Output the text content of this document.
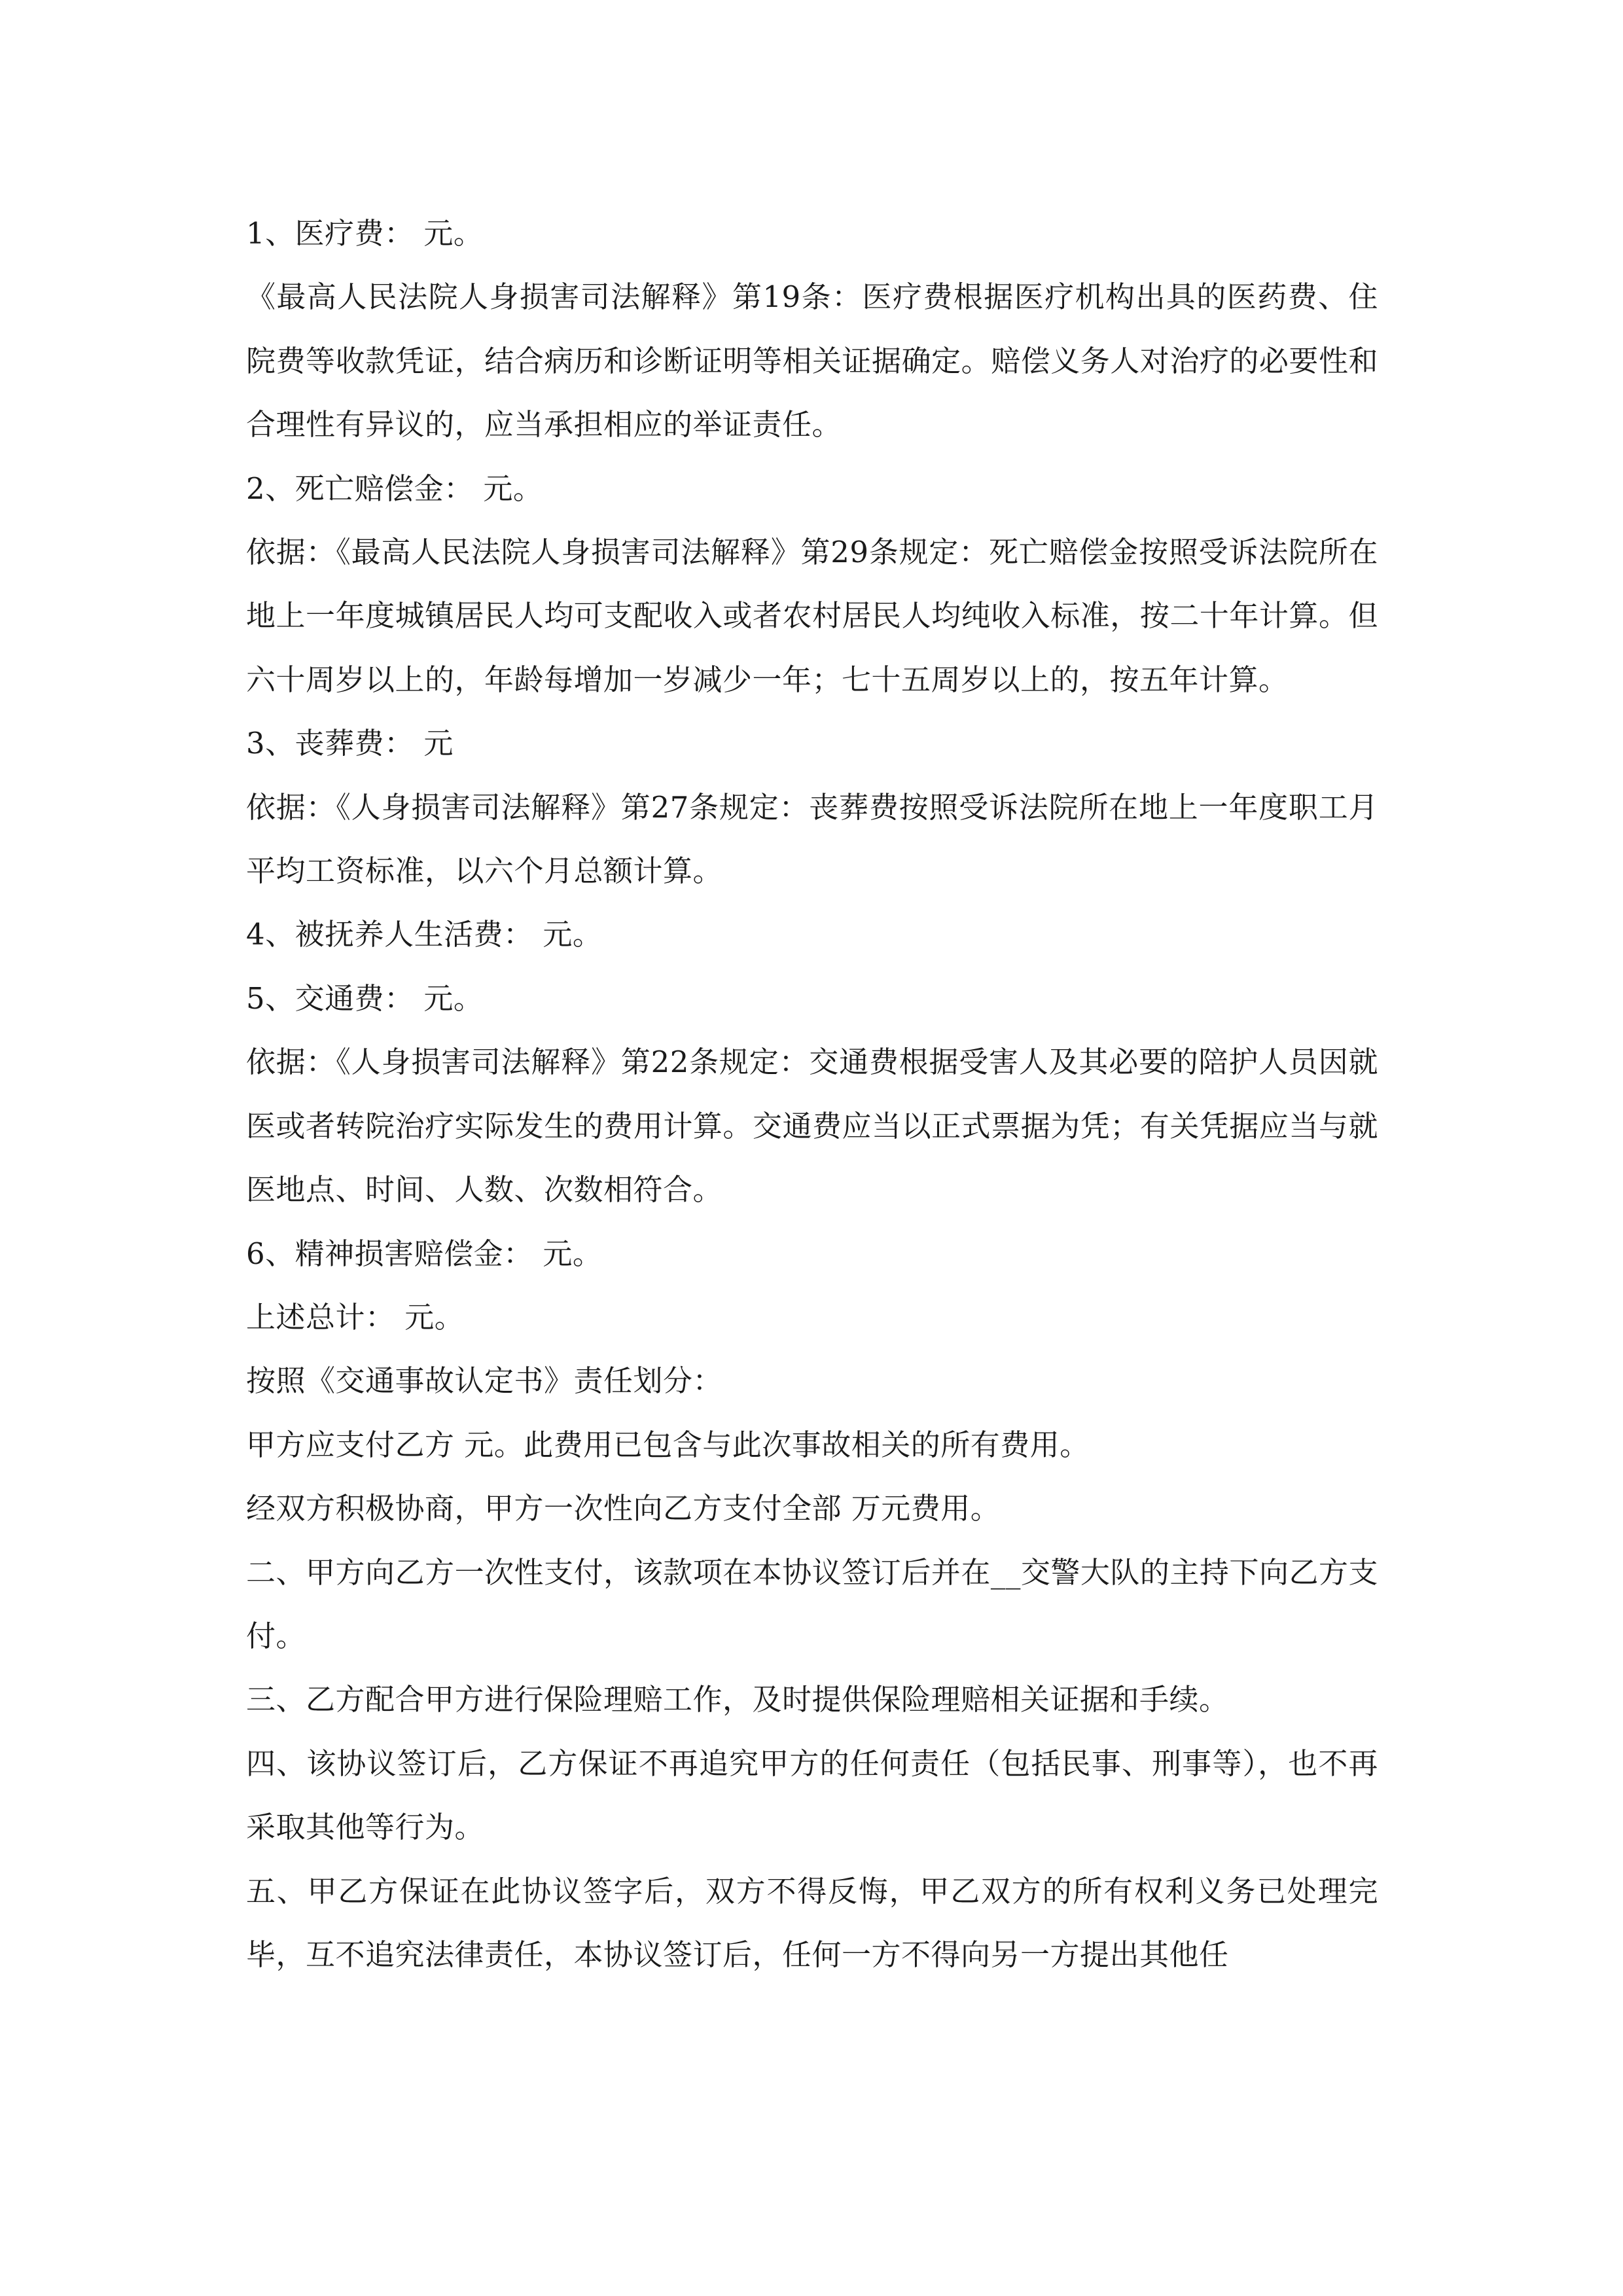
1、医疗费： 元。

《最高人民法院人身损害司法解释》第19条：医疗费根据医疗机构出具的医药费、住院费等收款凭证，结合病历和诊断证明等相关证据确定。赔偿义务人对治疗的必要性和合理性有异议的，应当承担相应的举证责任。

2、死亡赔偿金： 元。

依据：《最高人民法院人身损害司法解释》第29条规定：死亡赔偿金按照受诉法院所在地上一年度城镇居民人均可支配收入或者农村居民人均纯收入标准，按二十年计算。但六十周岁以上的，年龄每增加一岁减少一年；七十五周岁以上的，按五年计算。

3、丧葬费： 元

依据：《人身损害司法解释》第27条规定：丧葬费按照受诉法院所在地上一年度职工月平均工资标准，以六个月总额计算。

4、被抚养人生活费： 元。

5、交通费： 元。

依据：《人身损害司法解释》第22条规定：交通费根据受害人及其必要的陪护人员因就医或者转院治疗实际发生的费用计算。交通费应当以正式票据为凭；有关凭据应当与就医地点、时间、人数、次数相符合。

6、精神损害赔偿金： 元。

上述总计： 元。

按照《交通事故认定书》责任划分：

甲方应支付乙方 元。此费用已包含与此次事故相关的所有费用。

经双方积极协商，甲方一次性向乙方支付全部 万元费用。

二、甲方向乙方一次性支付，该款项在本协议签订后并在__交警大队的主持下向乙方支付。

三、乙方配合甲方进行保险理赔工作，及时提供保险理赔相关证据和手续。

四、该协议签订后，乙方保证不再追究甲方的任何责任（包括民事、刑事等），也不再采取其他等行为。

五、甲乙方保证在此协议签字后，双方不得反悔，甲乙双方的所有权利义务已处理完毕，互不追究法律责任，本协议签订后，任何一方不得向另一方提出其他任
